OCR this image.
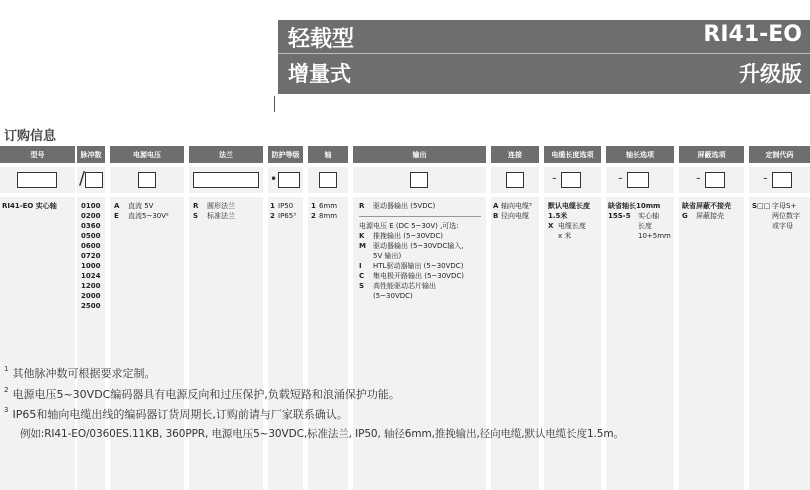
轻载型	RI41-EO
增量式	升级版
订购信息
型号
RI41-EO 实心轴
脉冲数
/
0100
0200
0360
0500
0600
0720
1000
1024
1200
2000
2500
电源电压
A 直流 5V
E 直流5~30V²
法兰
R 圆形法兰
S 标准法兰
防护等级
•
1 IP50
2 IP65³
轴
1 6mm
2 8mm
输出
R 驱动器输出 (5VDC)
电源电压 E (DC 5~30V) ,可选:
K 推挽输出 (5~30VDC)
M 驱动器输出 (5~30VDC输入,
5V 输出)
I HTL驱动器输出 (5~30VDC)
C 集电极开路输出 (5~30VDC)
S 高性能驱动芯片输出
(5~30VDC)
连接
A 轴向电缆³
B 径向电缆
电缆长度选项
-
默认电缆长度
1.5米
X 电缆长度
x 米
轴长选项
-
缺省轴长10mm
15S-5 实心轴
长度
10+5mm
屏蔽选项
-
缺省屏蔽不接壳
G 屏蔽接壳
定制代码
-
S□□ 字母S+
两位数字
或字母
$^1$ 其他脉冲数可根据要求定制。
$^2$ 电源电压5~30VDC编码器具有电源反向和过压保护,负载短路和浪涌保护功能。
$^3$ IP65和轴向电缆出线的编码器订货周期长,订购前请与厂家联系确认。
例如:RI41-EO/0360ES.11KB, 360PPR, 电源电压5~30VDC,标准法兰, IP50, 轴径6mm,推挽输出,径向电缆,默认电缆长度1.5m。
